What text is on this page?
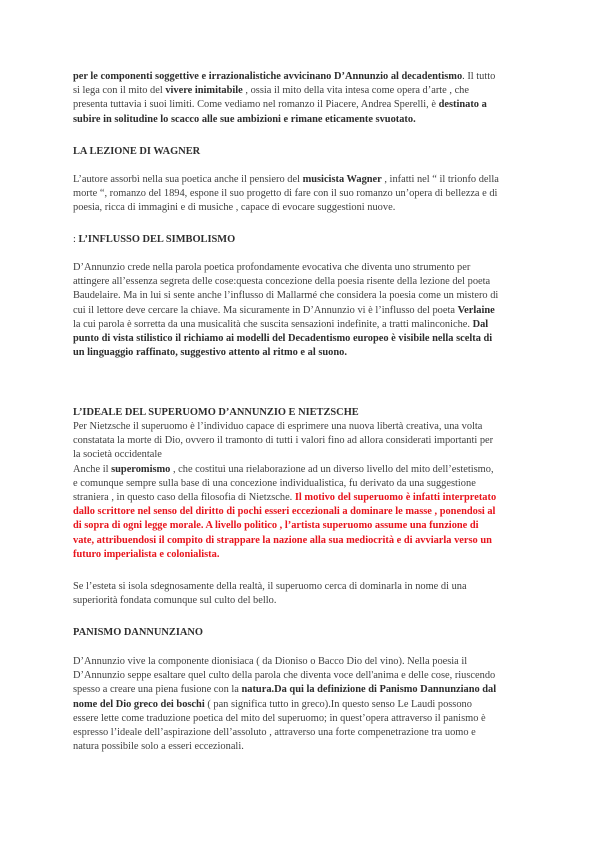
per le componenti soggettive e irrazionalistiche avvicinano D’Annunzio al decadentismo. Il tutto
si lega con il mito del vivere inimitabile , ossia il mito della vita intesa come opera d’arte , che
presenta tuttavia i suoi limiti. Come vediamo nel romanzo il Piacere, Andrea Sperelli, è destinato a
subire in solitudine lo scacco alle sue ambizioni e rimane eticamente svuotato.

LA LEZIONE DI WAGNER

L’autore assorbì nella sua poetica anche il pensiero del musicista Wagner , infatti nel “ il trionfo della
morte “, romanzo del 1894, espone il suo progetto di fare con il suo romanzo un’opera di bellezza e di
poesia, ricca di immagini e di musiche , capace di evocare suggestioni nuove.

: L’INFLUSSO DEL SIMBOLISMO

D’Annunzio crede nella parola poetica profondamente evocativa che diventa uno strumento per
attingere all’essenza segreta delle cose:questa concezione della poesia risente della lezione del poeta
Baudelaire. Ma in lui si sente anche l’influsso di Mallarmé che considera la poesia come un mistero di
cui il lettore deve cercare la chiave. Ma sicuramente in D’Annunzio vi è l’influsso del poeta Verlaine
la cui parola è sorretta da una musicalità che suscita sensazioni indefinite, a tratti malinconiche. Dal
punto di vista stilistico il richiamo ai modelli del Decadentismo europeo è visibile nella scelta di
un linguaggio raffinato, suggestivo attento al ritmo e al suono.

L’IDEALE DEL SUPERUOMO D’ANNUNZIO E NIETZSCHE

Per Nietzsche il superuomo è l’individuo capace di esprimere una nuova libertà creativa, una volta
constatata la morte di Dio, ovvero il tramonto di tutti i valori fino ad allora considerati importanti per
la società occidentale
Anche il superomismo , che costituì una rielaborazione ad un diverso livello del mito dell’estetismo,
e comunque sempre sulla base di una concezione individualistica, fu derivato da una suggestione
straniera , in questo caso della filosofia di Nietzsche. Il motivo del superuomo è infatti interpretato
dallo scrittore nel senso del diritto di pochi esseri eccezionali a dominare le masse , ponendosi al
di sopra di ogni legge morale. A livello politico , l’artista superuomo assume una funzione di
vate, attribuendosi il compito di strappare la nazione alla sua mediocrità e di avviarla verso un
futuro imperialista e colonialista.

Se l’esteta si isola sdegnosamente della realtà, il superuomo cerca di dominarla in nome di una
superiorità fondata comunque sul culto del bello.

PANISMO DANNUNZIANO

D’Annunzio vive la componente dionisiaca ( da Dioniso o Bacco Dio del vino). Nella poesia il
D’Annunzio seppe esaltare quel culto della parola che diventa voce dell'anima e delle cose, riuscendo
spesso a creare una piena fusione con la natura.Da qui la definizione di Panismo Dannunziano dal
nome del Dio greco dei boschi ( pan significa tutto in greco).In questo senso Le Laudi possono
essere lette come traduzione poetica del mito del superuomo; in quest’opera attraverso il panismo è
espresso l’ideale dell’aspirazione dell’assoluto , attraverso una forte compenetrazione tra uomo e
natura possibile solo a esseri eccezionali.
